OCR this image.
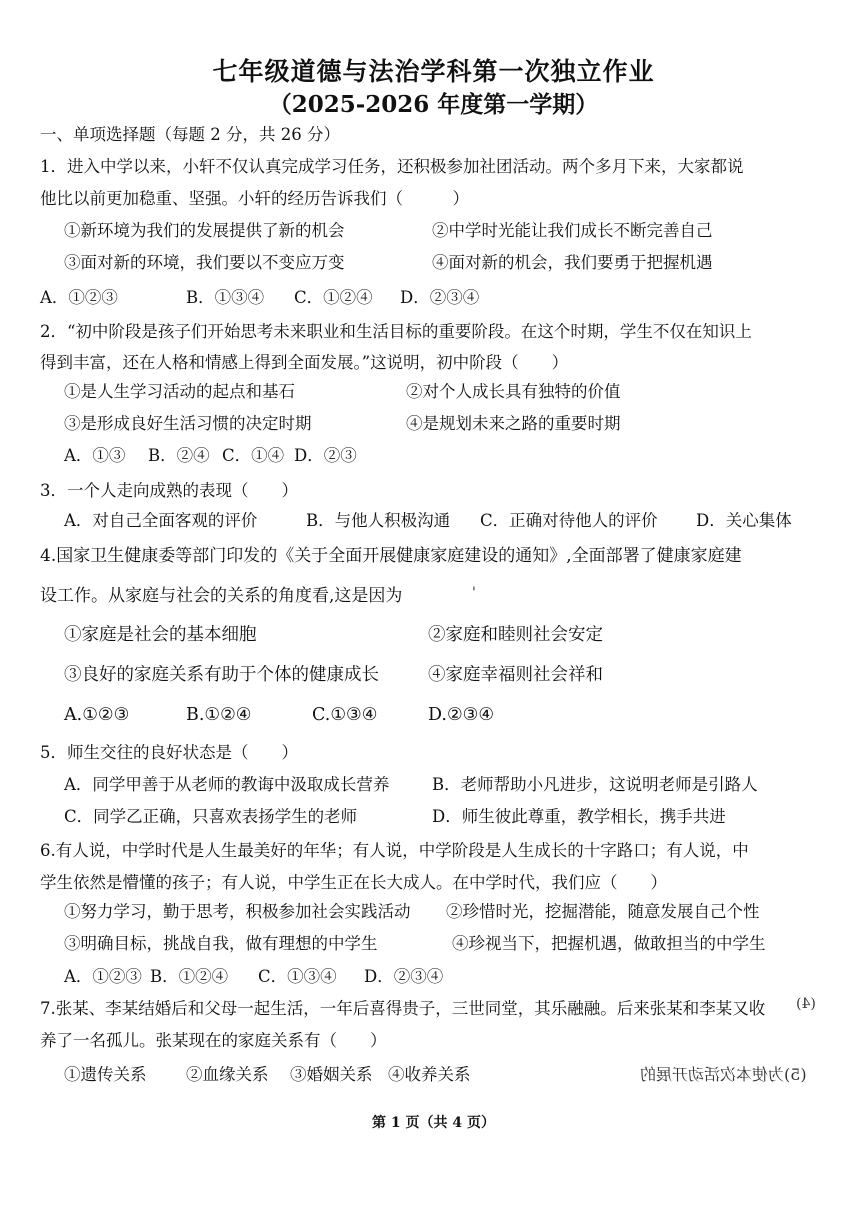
七年级道德与法治学科第一次独立作业
（2025-2026 年度第一学期）
一、单项选择题（每题 2 分，共 26 分）
1．进入中学以来，小轩不仅认真完成学习任务，还积极参加社团活动。两个多月下来，大家都说
他比以前更加稳重、坚强。小轩的经历告诉我们（　　　）
①新环境为我们的发展提供了新的机会	②中学时光能让我们成长不断完善自己
③面对新的环境，我们要以不变应万变	④面对新的机会，我们要勇于把握机遇
A．①②③	B．①③④ C．①②④ D．②③④
2．“初中阶段是孩子们开始思考未来职业和生活目标的重要阶段。在这个时期，学生不仅在知识上
得到丰富，还在人格和情感上得到全面发展。”这说明，初中阶段（　　）
①是人生学习活动的起点和基石	②对个人成长具有独特的价值
③是形成良好生活习惯的决定时期	④是规划未来之路的重要时期
A．①③ B．②④ C．①④ D．②③
3．一个人走向成熟的表现（　　）
A．对自己全面客观的评价	B．与他人积极沟通 C．正确对待他人的评价 D．关心集体
4.国家卫生健康委等部门印发的《关于全面开展健康家庭建设的通知》,全面部署了健康家庭建
设工作。从家庭与社会的关系的角度看,这是因为	'
①家庭是社会的基本细胞	②家庭和睦则社会安定
③良好的家庭关系有助于个体的健康成长	④家庭幸福则社会祥和
A.①②③	B.①②④	C.①③④	D.②③④
5．师生交往的良好状态是（　　）
A．同学甲善于从老师的教诲中汲取成长营养	B．老师帮助小凡进步，这说明老师是引路人
C．同学乙正确，只喜欢表扬学生的老师	D．师生彼此尊重，教学相长，携手共进
6.有人说，中学时代是人生最美好的年华；有人说，中学阶段是人生成长的十字路口；有人说，中
学生依然是懵懂的孩子；有人说，中学生正在长大成人。在中学时代，我们应（　　）
①努力学习，勤于思考，积极参加社会实践活动 ②珍惜时光，挖掘潜能，随意发展自己个性
③明确目标，挑战自我，做有理想的中学生	④珍视当下，把握机遇，做敢担当的中学生
A．①②③ B．①②④ C．①③④ D．②③④
7.张某、李某结婚后和父母一起生活，一年后喜得贵子，三世同堂，其乐融融。后来张某和李某又收 (4)
养了一名孤儿。张某现在的家庭关系有（　　）
①遗传关系 ②血缘关系 ③婚姻关系 ④收养关系	(5)为使本次活动开展的
第 1 页（共 4 页）
